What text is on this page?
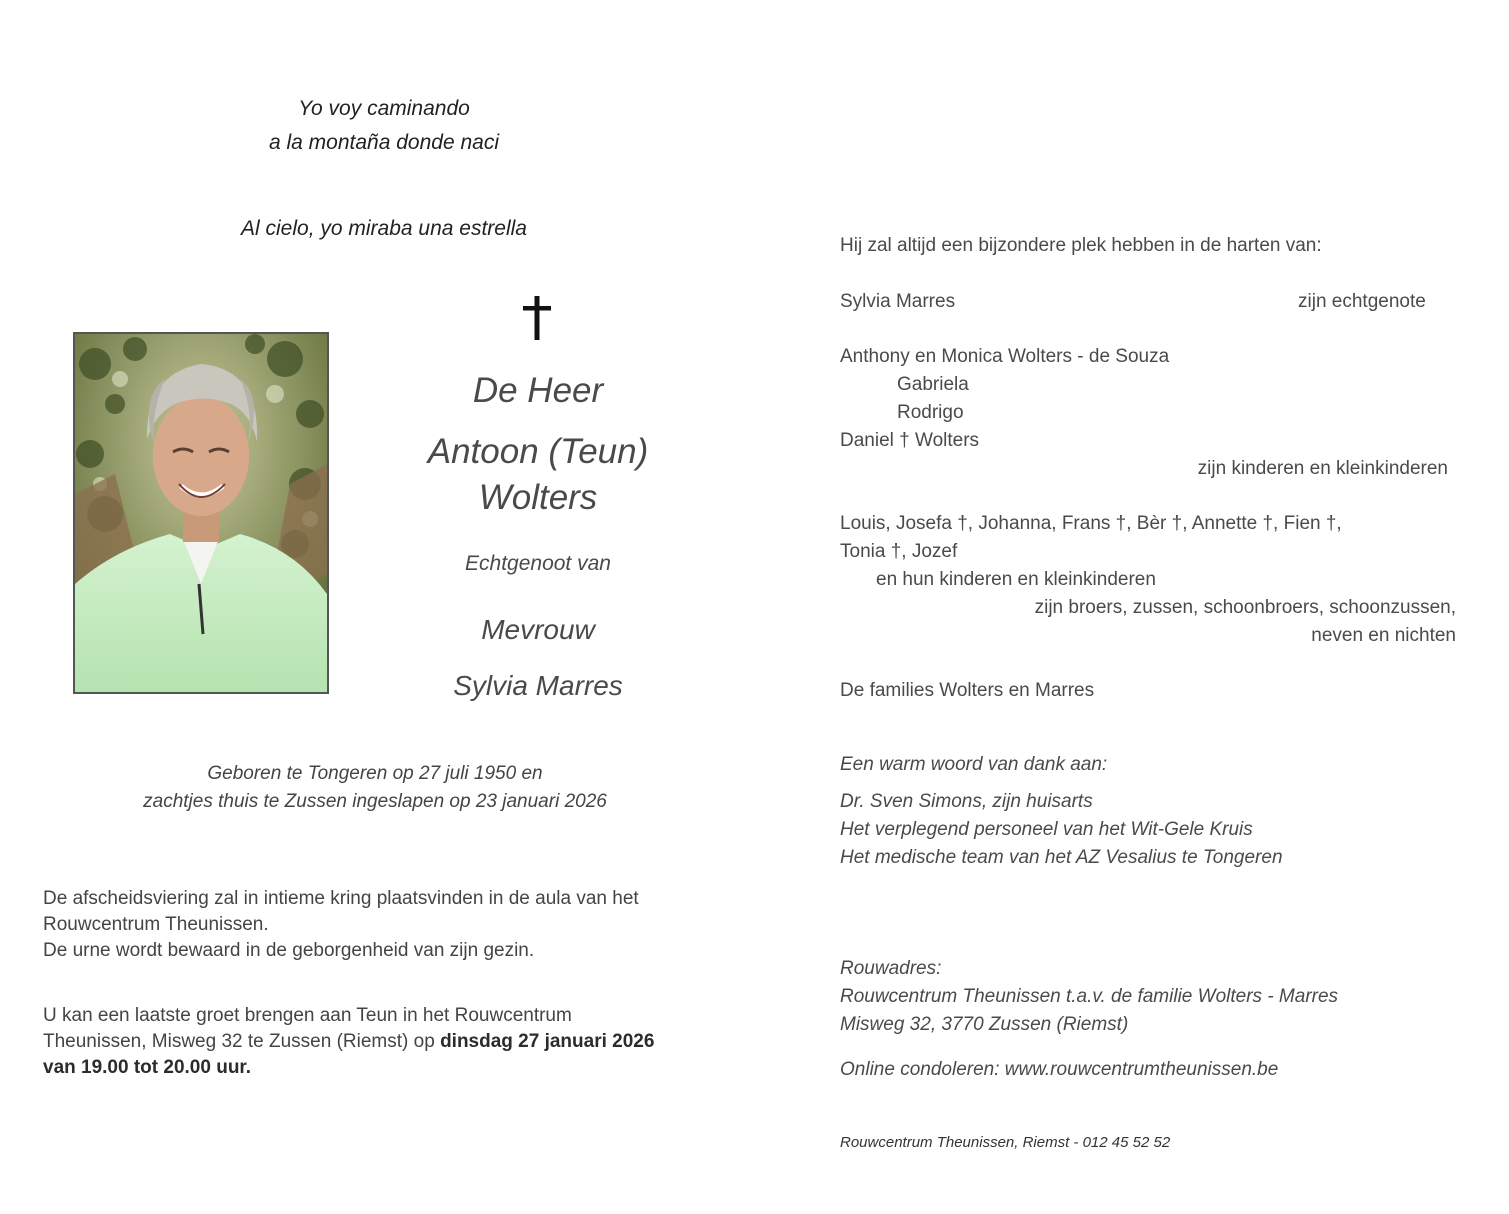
Yo voy caminando
a la montaña donde naci
Al cielo, yo miraba una estrella
De Heer
Antoon (Teun)
Wolters
Echtgenoot van
Mevrouw
Sylvia Marres
Geboren te Tongeren op 27 juli 1950 en
zachtjes thuis te Zussen ingeslapen op 23 januari 2026
De afscheidsviering zal in intieme kring plaatsvinden in de aula van het
Rouwcentrum Theunissen.
De urne wordt bewaard in de geborgenheid van zijn gezin.
U kan een laatste groet brengen aan Teun in het Rouwcentrum
Theunissen, Misweg 32 te Zussen (Riemst) op dinsdag 27 januari 2026
van 19.00 tot 20.00 uur.
Hij zal altijd een bijzondere plek hebben in de harten van:
Sylvia Marres	zijn echtgenote
Anthony en Monica Wolters - de Souza
Gabriela
Rodrigo
Daniel † Wolters
zijn kinderen en kleinkinderen
Louis, Josefa †, Johanna, Frans †, Bèr †, Annette †, Fien †,
Tonia †, Jozef
en hun kinderen en kleinkinderen
zijn broers, zussen, schoonbroers, schoonzussen,
neven en nichten
De families Wolters en Marres
Een warm woord van dank aan:
Dr. Sven Simons, zijn huisarts
Het verplegend personeel van het Wit-Gele Kruis
Het medische team van het AZ Vesalius te Tongeren
Rouwadres:
Rouwcentrum Theunissen t.a.v. de familie Wolters - Marres
Misweg 32, 3770 Zussen (Riemst)
Online condoleren: www.rouwcentrumtheunissen.be
Rouwcentrum Theunissen, Riemst - 012 45 52 52
